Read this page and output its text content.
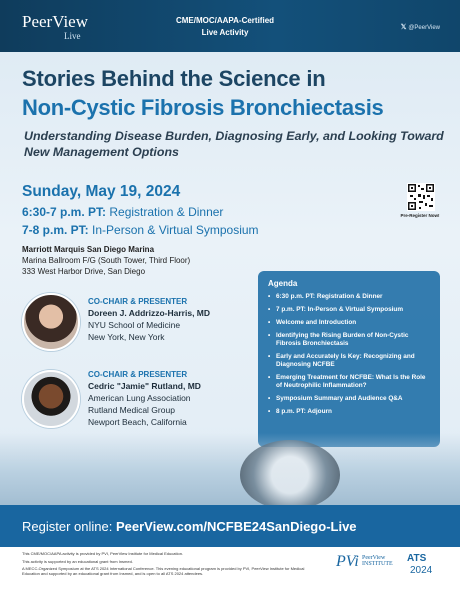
PeerView
Live
CME/MOC/AAPA-Certified
Live Activity
𝕏 @PeerView
Stories Behind the Science in
Non-Cystic Fibrosis Bronchiectasis
Understanding Disease Burden, Diagnosing Early, and Looking Toward New Management Options
Sunday, May 19, 2024
6:30-7 p.m. PT: Registration & Dinner
7-8 p.m. PT: In-Person & Virtual Symposium
Pre-Register Now!
Marriott Marquis San Diego Marina
Marina Ballroom F/G (South Tower, Third Floor)
333 West Harbor Drive, San Diego
CO-CHAIR & PRESENTER
Doreen J. Addrizzo-Harris, MD
NYU School of Medicine
New York, New York
CO-CHAIR & PRESENTER
Cedric "Jamie" Rutland, MD
American Lung Association
Rutland Medical Group
Newport Beach, California
Agenda
• 6:30 p.m. PT: Registration & Dinner
• 7 p.m. PT: In-Person & Virtual Symposium
• Welcome and Introduction
• Identifying the Rising Burden of Non-Cystic Fibrosis Bronchiectasis
• Early and Accurately Is Key: Recognizing and Diagnosing NCFBE
• Emerging Treatment for NCFBE: What Is the Role of Neutrophilic Inflammation?
• Symposium Summary and Audience Q&A
• 8 p.m. PT: Adjourn
Register online: PeerView.com/NCFBE24SanDiego-Live
This CME/MOC/AAPA activity is provided by PVI, PeerView Institute for Medical Education.
This activity is supported by an educational grant from Insmed.
A MECC-Organized Symposium at the ATS 2024 International Conference. This evening educational program is provided by PVI, PeerView Institute for Medical Education and supported by an educational grant from Insmed, and is open to all ATS 2024 attendees.
PVi PeerView
INSTITUTE ATS
2024
